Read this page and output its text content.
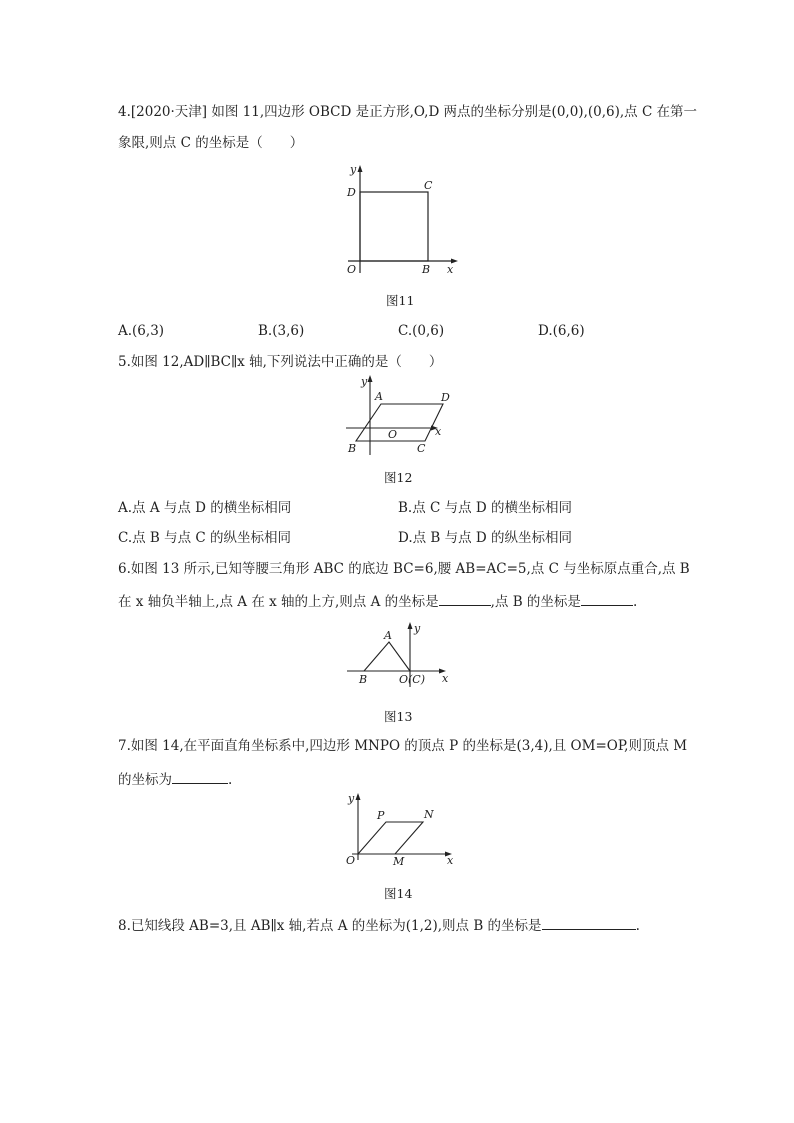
4.[2020·天津] 如图 11,四边形 OBCD 是正方形,O,D 两点的坐标分别是(0,0),(0,6),点 C 在第一
象限,则点 C 的坐标是（　　）
y
D
C
O	B x
图11
A.(6,3)	B.(3,6)	C.(0,6)	D.(6,6)
5.如图 12,AD∥BC∥x 轴,下列说法中正确的是（　　）
y
A	D
O	x
B	C
图12
A.点 A 与点 D 的横坐标相同	B.点 C 与点 D 的横坐标相同
C.点 B 与点 C 的纵坐标相同	D.点 B 与点 D 的纵坐标相同
6.如图 13 所示,已知等腰三角形 ABC 的底边 BC=6,腰 AB=AC=5,点 C 与坐标原点重合,点 B
在 x 轴负半轴上,点 A 在 x 轴的上方,则点 A 的坐标是	,点 B 的坐标是	.
y
A
B	O(C) x
图13
7.如图 14,在平面直角坐标系中,四边形 MNPO 的顶点 P 的坐标是(3,4),且 OM=OP,则顶点 M
的坐标为	.
y
P	N
O	M	x
图14
8.已知线段 AB=3,且 AB∥x 轴,若点 A 的坐标为(1,2),则点 B 的坐标是	.
